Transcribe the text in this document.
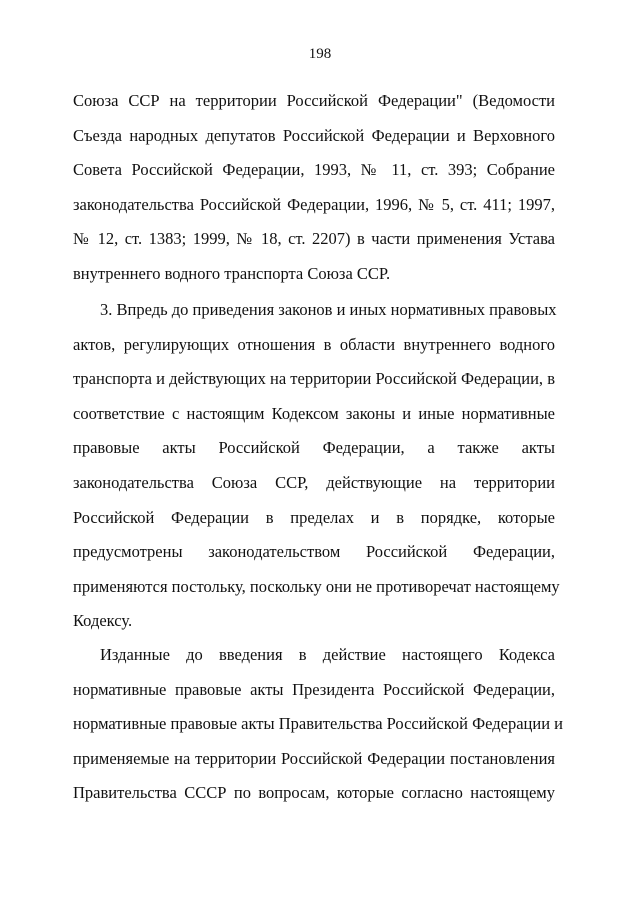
198
Союза ССР на территории Российской Федерации" (Ведомости
Съезда народных депутатов Российской Федерации и Верховного
Совета Российской Федерации, 1993, № 11, ст. 393; Собрание
законодательства Российской Федерации, 1996, № 5, ст. 411; 1997,
№ 12, ст. 1383; 1999, № 18, ст. 2207) в части применения Устава
внутреннего водного транспорта Союза ССР.
3. Впредь до приведения законов и иных нормативных правовых
актов, регулирующих отношения в области внутреннего водного
транспорта и действующих на территории Российской Федерации, в
соответствие с настоящим Кодексом законы и иные нормативные
правовые акты Российской Федерации, а также акты
законодательства Союза ССР, действующие на территории
Российской Федерации в пределах и в порядке, которые
предусмотрены законодательством Российской Федерации,
применяются постольку, поскольку они не противоречат настоящему
Кодексу.
Изданные до введения в действие настоящего Кодекса
нормативные правовые акты Президента Российской Федерации,
нормативные правовые акты Правительства Российской Федерации и
применяемые на территории Российской Федерации постановления
Правительства СССР по вопросам, которые согласно настоящему
